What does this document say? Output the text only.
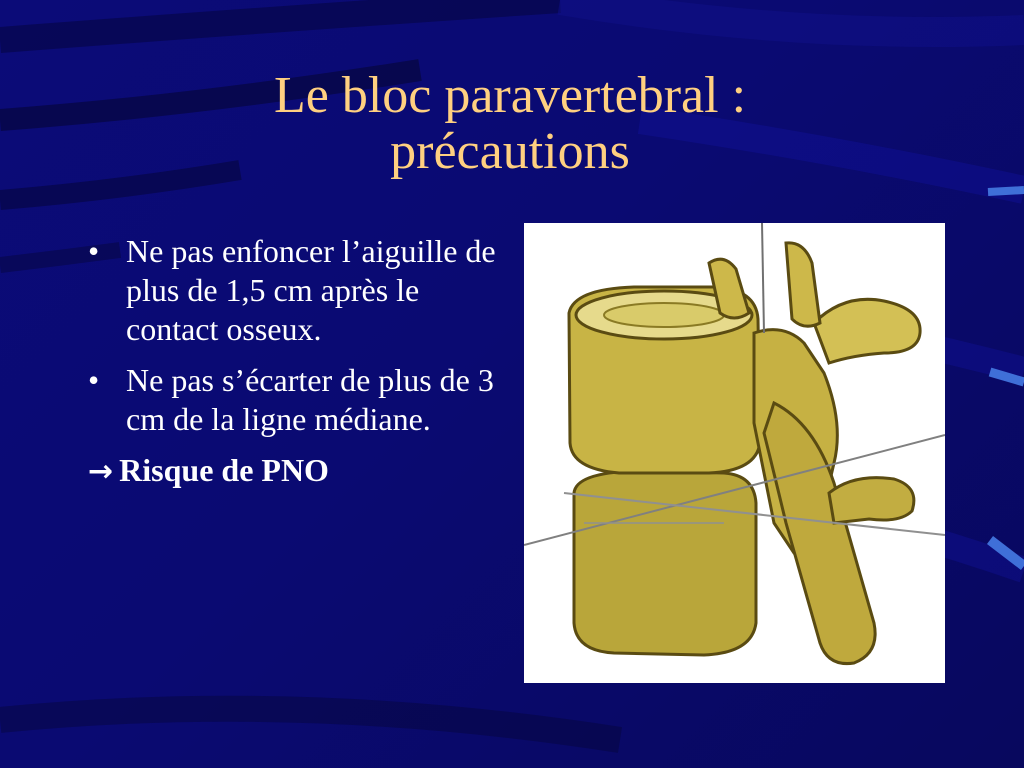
Le bloc paravertebral :
précautions
• Ne pas enfoncer l’aiguille de plus de 1,5 cm après le contact osseux.
• Ne pas s’écarter de plus de 3 cm de la ligne médiane.
→ Risque de PNO
